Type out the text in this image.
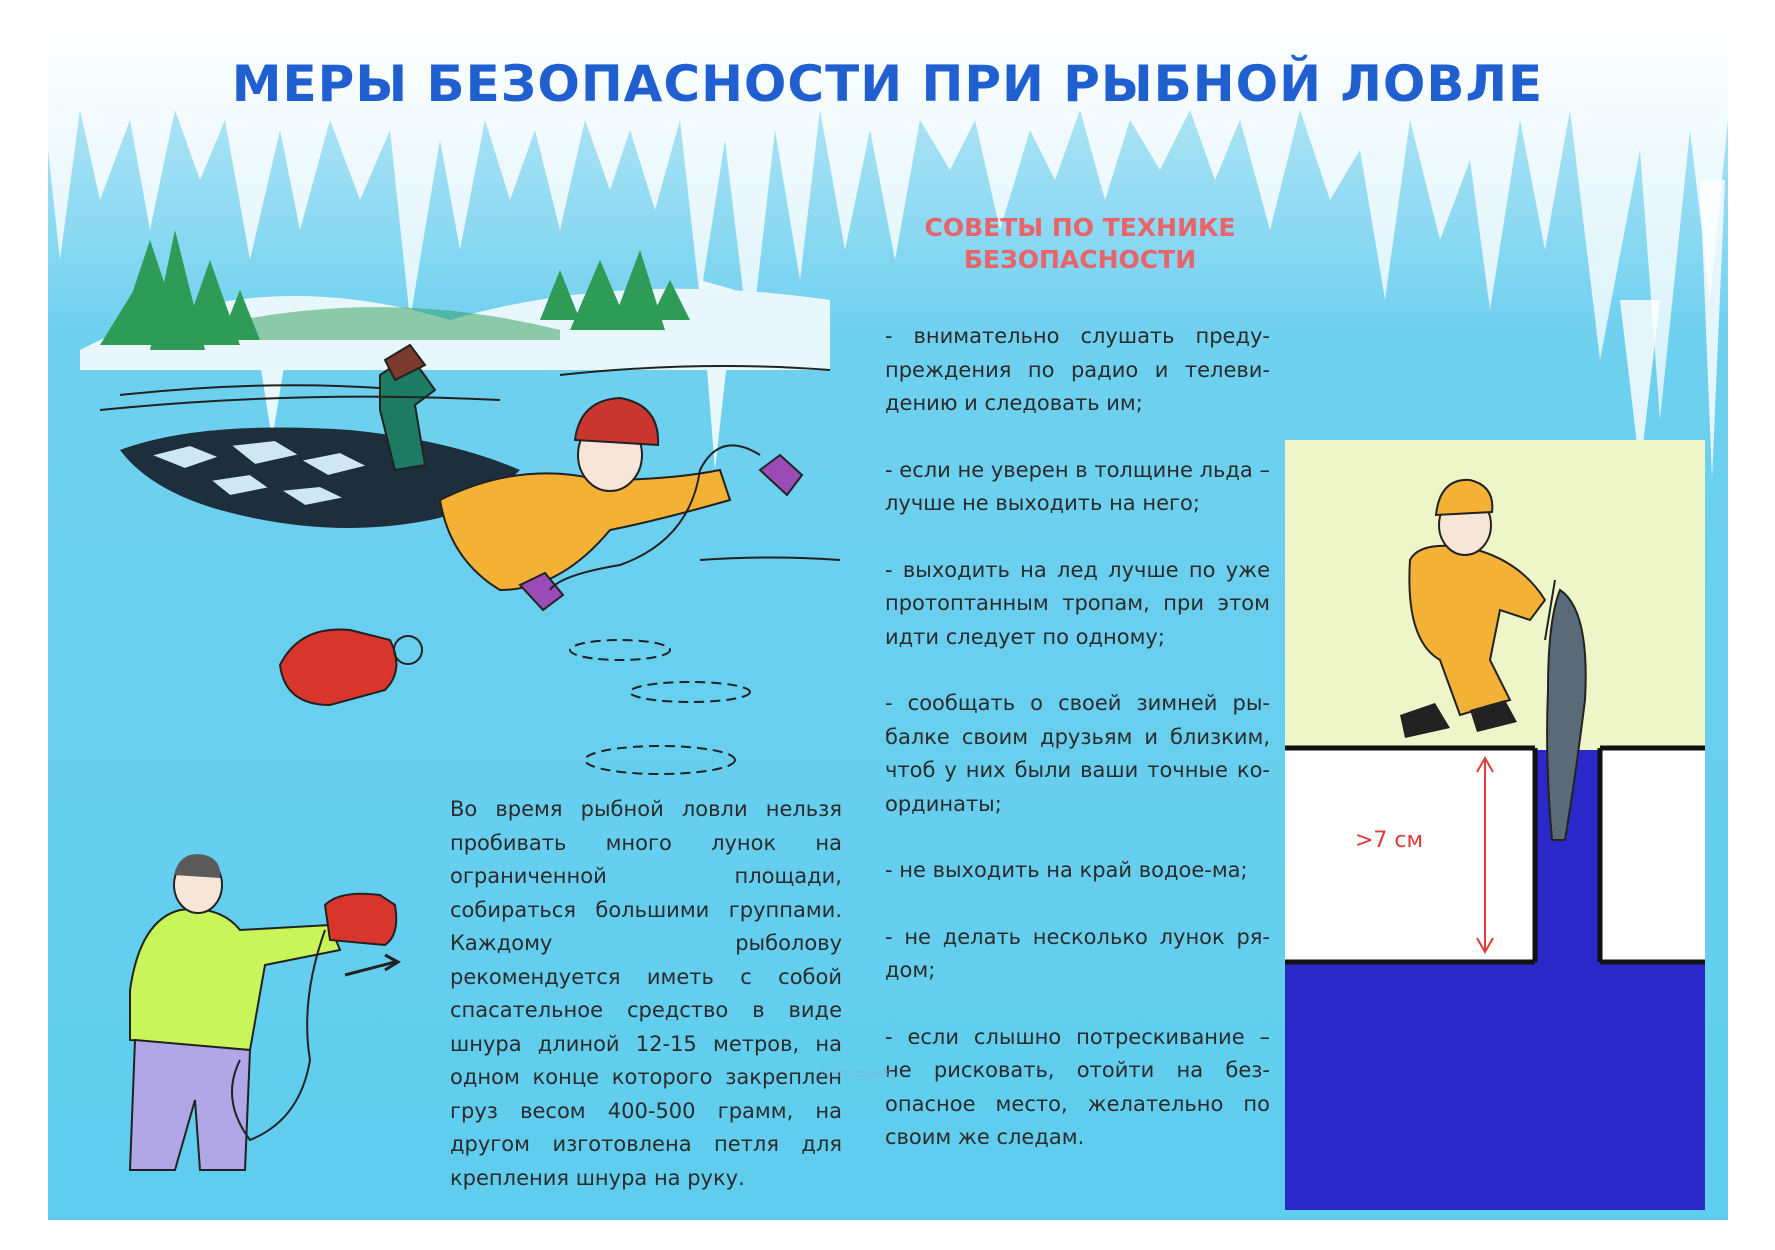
МЕРЫ БЕЗОПАСНОСТИ ПРИ РЫБНОЙ ЛОВЛЕ
СОВЕТЫ ПО ТЕХНИКЕ
БЕЗОПАСНОСТИ
- внимательно слушать преду-преждения по радио и телеви-дению и следовать им;
- если не уверен в толщине льда – лучше не выходить на него;
- выходить на лед лучше по уже протоптанным тропам, при этом идти следует по одному;
- сообщать о своей зимней ры-балке своим друзьям и близким, чтоб у них были ваши точные ко-ординаты;
- не выходить на край водое-ма;
- не делать несколько лунок ря-дом;
- если слышно потрескивание – не рисковать, отойти на без-опасное место, желательно по своим же следам.

Во время рыбной ловли нельзя пробивать много лунок на ограниченной площади, собираться большими группами. Каждому рыболову рекомендуется иметь с собой спасательное средство в виде шнура длиной 12-15 метров, на одном конце которого закреплен груз весом 400-500 грамм, на другом изготовлена петля для крепления шнура на руку.

>7 см
www.mosk...
